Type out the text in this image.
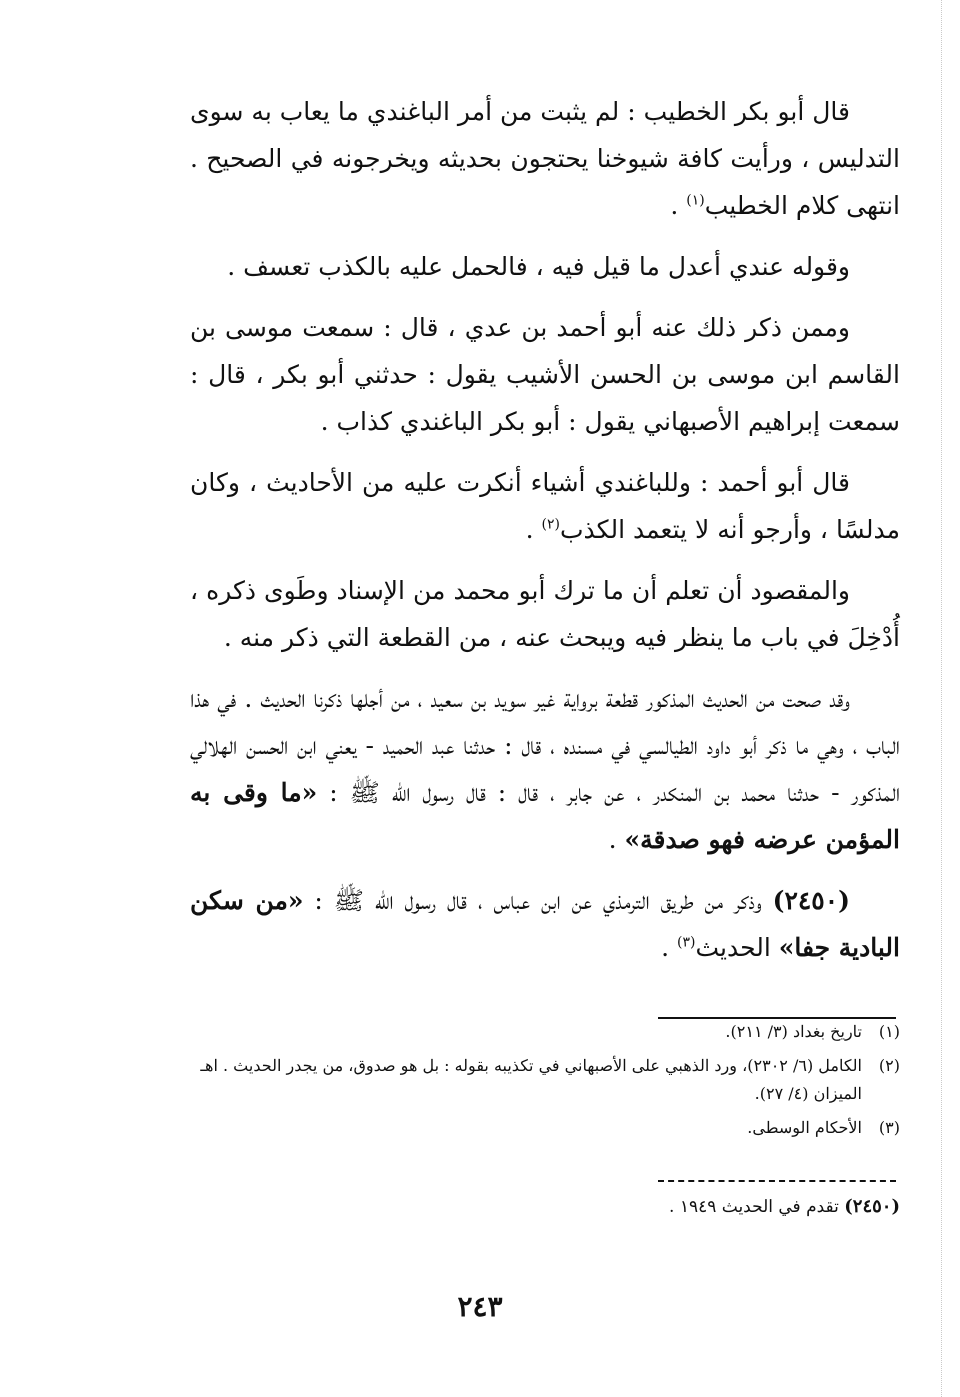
قال أبو بكر الخطيب : لم يثبت من أمر الباغندي ما يعاب به سوى التدليس ، ورأيت كافة شيوخنا يحتجون بحديثه ويخرجونه في الصحيح . انتهى كلام الخطيب$^{(١)}$ .

وقوله عندي أعدل ما قيل فيه ، فالحمل عليه بالكذب تعسف .

وممن ذكر ذلك عنه أبو أحمد بن عدي ، قال : سمعت موسى بن القاسم ابن موسى بن الحسن الأشيب يقول : حدثني أبو بكر ، قال : سمعت إبراهيم الأصبهاني يقول : أبو بكر الباغندي كذاب .

قال أبو أحمد : وللباغندي أشياء أنكرت عليه من الأحاديث ، وكان مدلسًا ، وأرجو أنه لا يتعمد الكذب$^{(٢)}$ .

والمقصود أن تعلم أن ما ترك أبو محمد من الإسناد وطَوى ذكره ، أُدْخِلَ في باب ما ينظر فيه ويبحث عنه ، من القطعة التي ذكر منه .

وقد صحت من الحديث المذكور قطعة برواية غير سويد بن سعيد ، من أجلها ذكرنا الحديث . في هذا الباب ، وهي ما ذكر أبو داود الطيالسي في مسنده ، قال : حدثنا عبد الحميد - يعني ابن الحسن الهلالي المذكور - حدثنا محمد بن المنكدر ، عن جابر ، قال : قال رسول الله ﷺ : «ما وقى به المؤمن عرضه فهو صدقة» .

(٢٤٥٠) وذكر من طريق الترمذي عن ابن عباس ، قال رسول الله ﷺ : «من سكن البادية جفا» الحديث$^{(٣)}$ .

(١)
تاريخ بغداد (٣/ ٢١١).
(٢)
الكامل (٦/ ٢٣٠٢)، ورد الذهبي على الأصبهاني في تكذيبه بقوله : بل هو صدوق، من يجدر الحديث . اهـ الميزان (٤/ ٢٧).
(٣)
الأحكام الوسطى.
(٢٤٥٠) تقدم في الحديث ١٩٤٩ .
٢٤٣
